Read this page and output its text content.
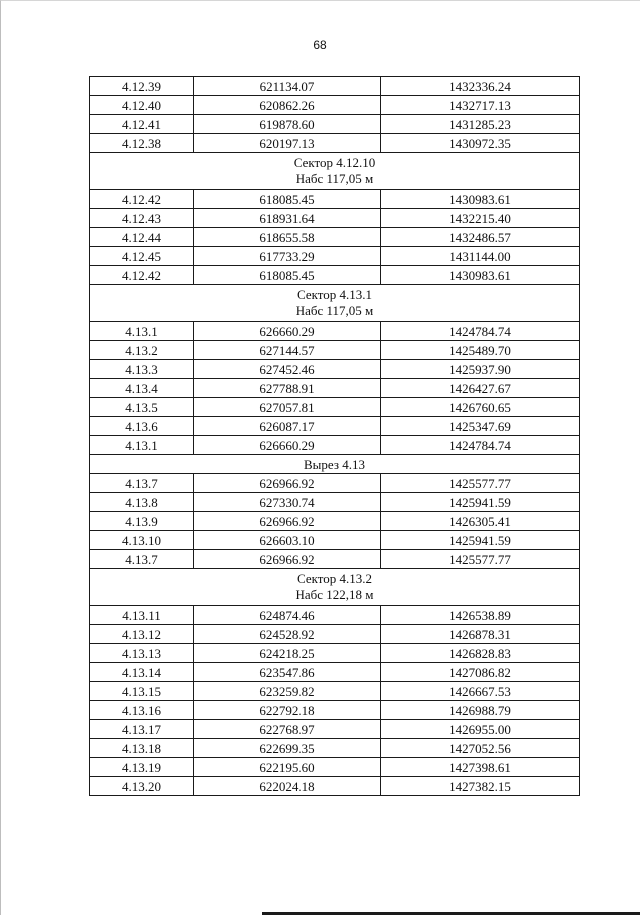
68
4.12.39	621134.07	1432336.24
4.12.40	620862.26	1432717.13
4.12.41	619878.60	1431285.23
4.12.38	620197.13	1430972.35

Сектор 4.12.10
Набс 117,05 м		

4.12.42	618085.45	1430983.61
4.12.43	618931.64	1432215.40
4.12.44	618655.58	1432486.57
4.12.45	617733.29	1431144.00
4.12.42	618085.45	1430983.61

Сектор 4.13.1
Набс 117,05 м		

4.13.1	626660.29	1424784.74
4.13.2	627144.57	1425489.70
4.13.3	627452.46	1425937.90
4.13.4	627788.91	1426427.67
4.13.5	627057.81	1426760.65
4.13.6	626087.17	1425347.69
4.13.1	626660.29	1424784.74

Вырез 4.13		

4.13.7	626966.92	1425577.77
4.13.8	627330.74	1425941.59
4.13.9	626966.92	1426305.41
4.13.10	626603.10	1425941.59
4.13.7	626966.92	1425577.77

Сектор 4.13.2
Набс 122,18 м		

4.13.11	624874.46	1426538.89
4.13.12	624528.92	1426878.31
4.13.13	624218.25	1426828.83
4.13.14	623547.86	1427086.82
4.13.15	623259.82	1426667.53
4.13.16	622792.18	1426988.79
4.13.17	622768.97	1426955.00
4.13.18	622699.35	1427052.56
4.13.19	622195.60	1427398.61
4.13.20	622024.18	1427382.15
